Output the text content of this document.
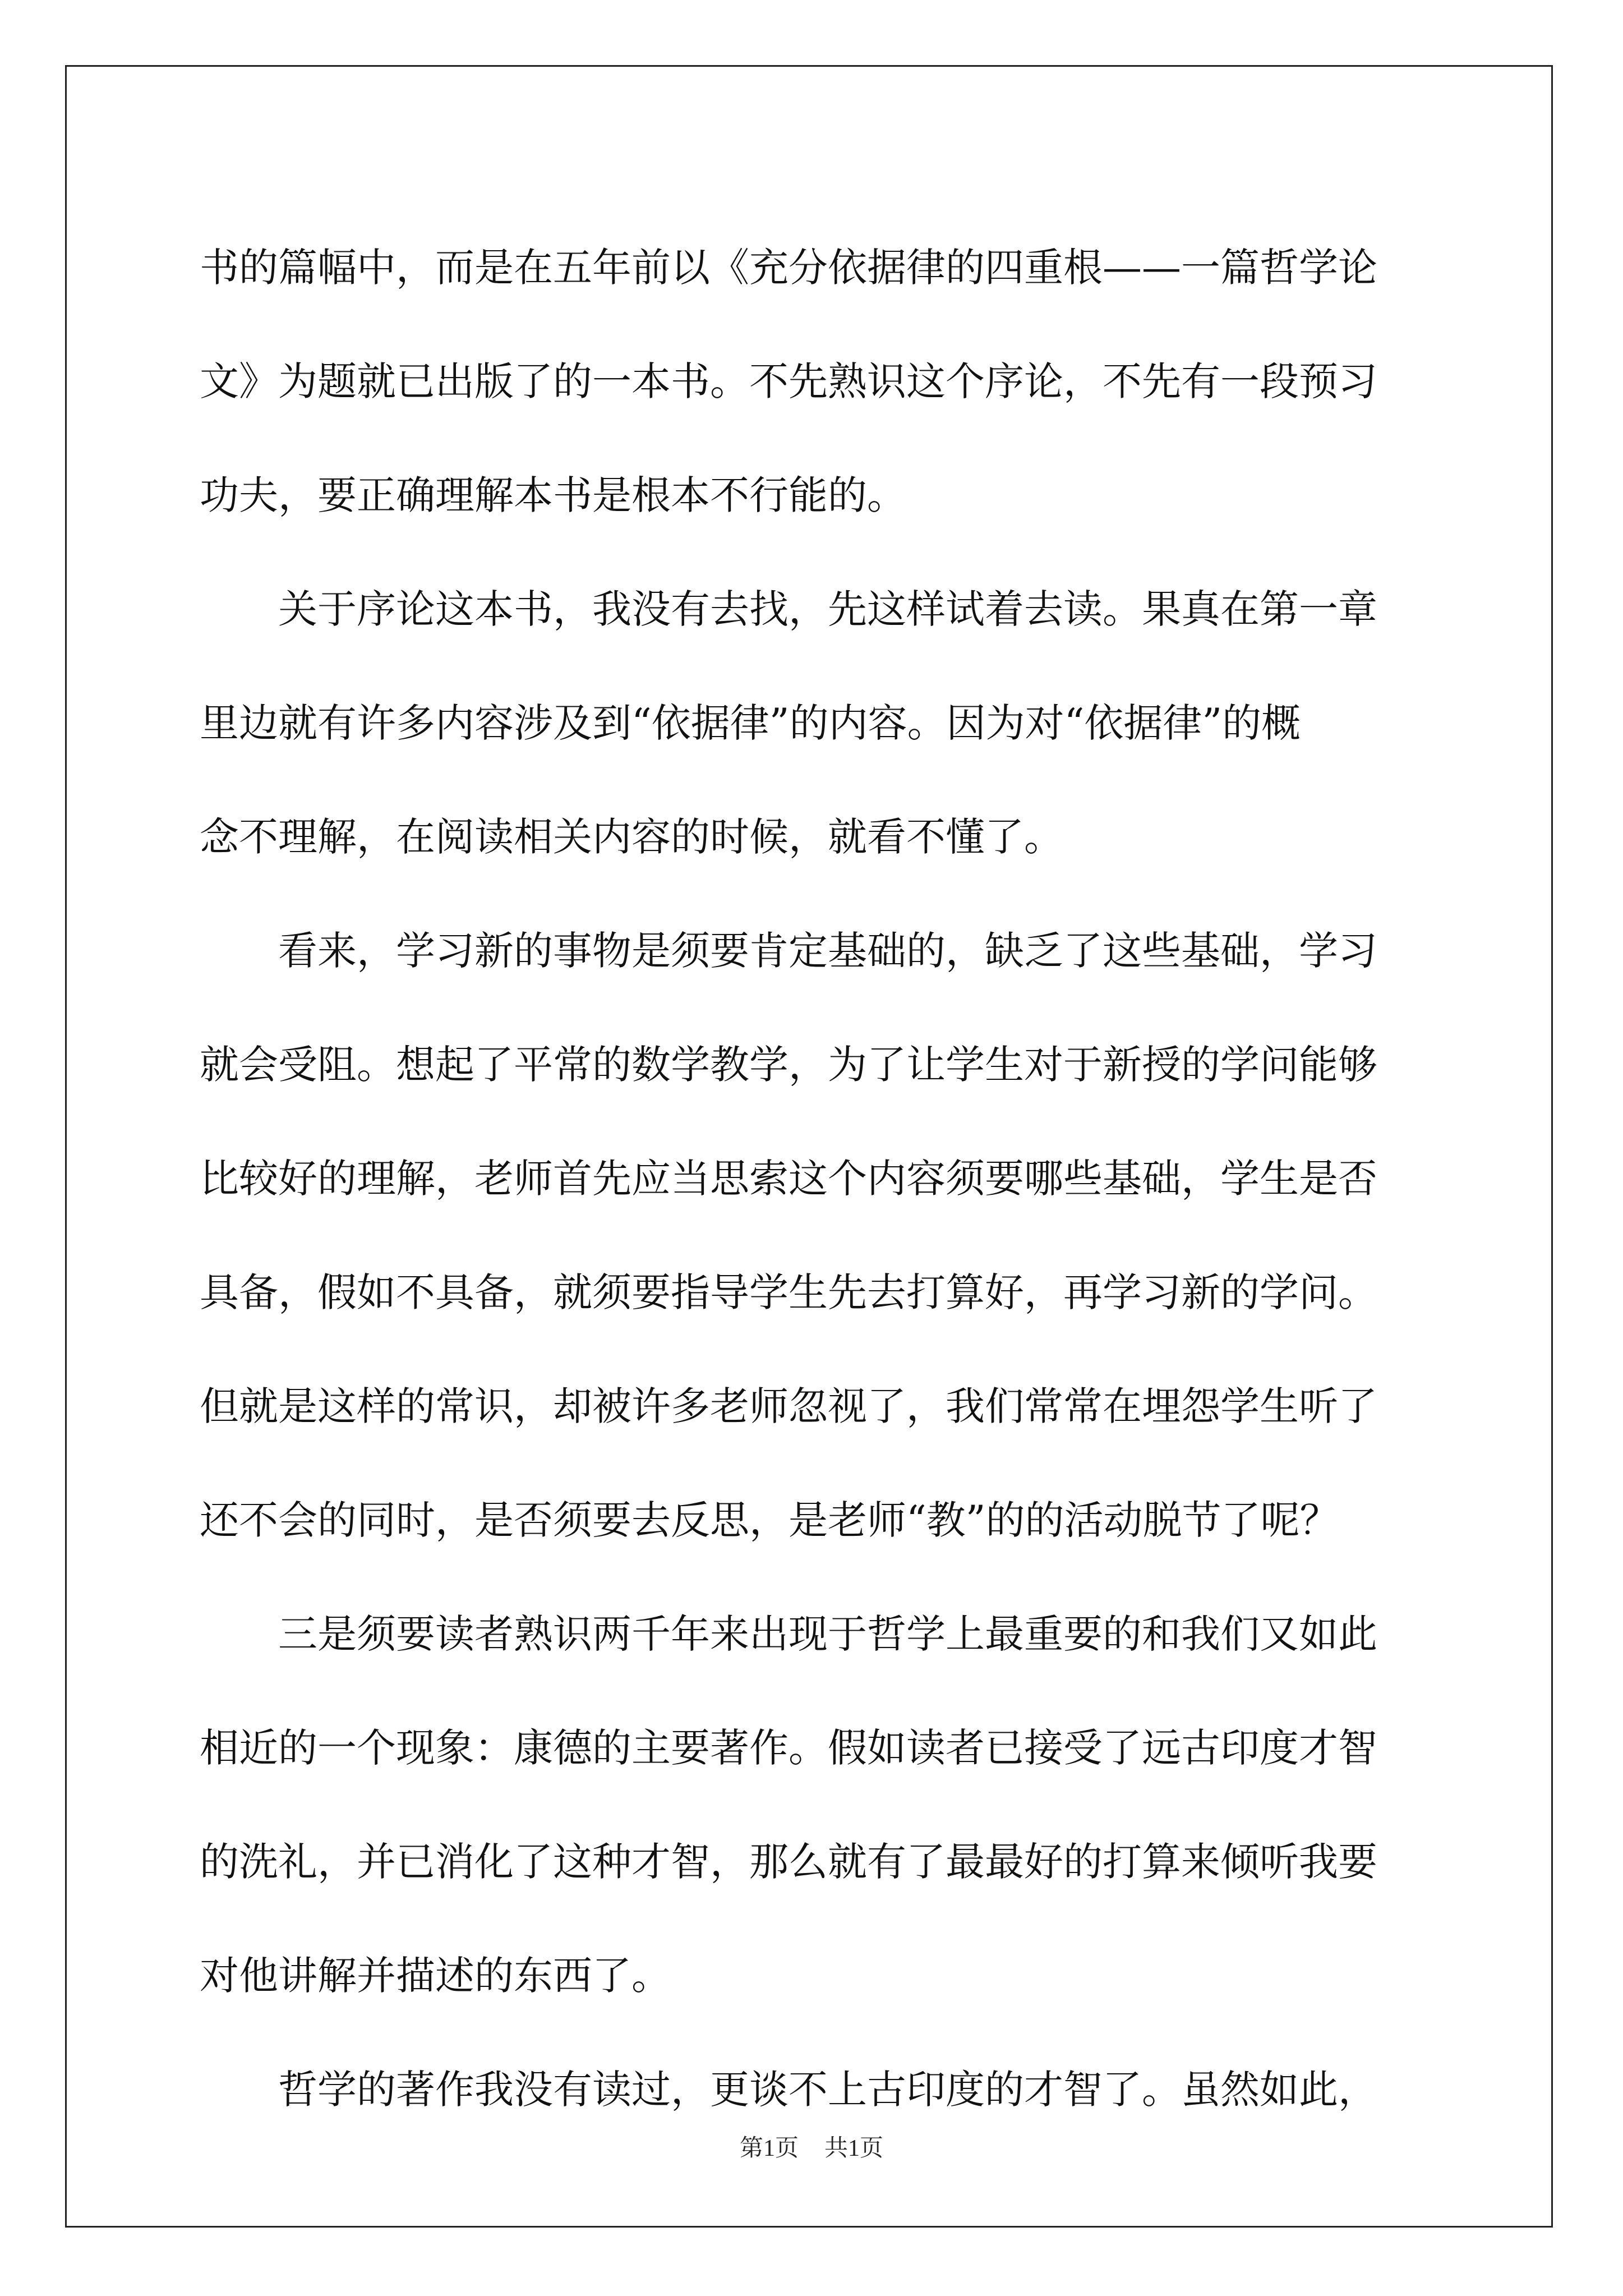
书的篇幅中，而是在五年前以《充分依据律的四重根——一篇哲学论
文》为题就已出版了的一本书。不先熟识这个序论，不先有一段预习
功夫，要正确理解本书是根本不行能的。
　　关于序论这本书，我没有去找，先这样试着去读。果真在第一章
里边就有许多内容涉及到“依据律”的内容。因为对“依据律”的概
念不理解，在阅读相关内容的时候，就看不懂了。
　　看来，学习新的事物是须要肯定基础的，缺乏了这些基础，学习
就会受阻。想起了平常的数学教学，为了让学生对于新授的学问能够
比较好的理解，老师首先应当思索这个内容须要哪些基础，学生是否
具备，假如不具备，就须要指导学生先去打算好，再学习新的学问。
但就是这样的常识，却被许多老师忽视了，我们常常在埋怨学生听了
还不会的同时，是否须要去反思，是老师“教”的的活动脱节了呢？
　　三是须要读者熟识两千年来出现于哲学上最重要的和我们又如此
相近的一个现象：康德的主要著作。假如读者已接受了远古印度才智
的洗礼，并已消化了这种才智，那么就有了最最好的打算来倾听我要
对他讲解并描述的东西了。
　　哲学的著作我没有读过，更谈不上古印度的才智了。虽然如此，
第1页 共1页
